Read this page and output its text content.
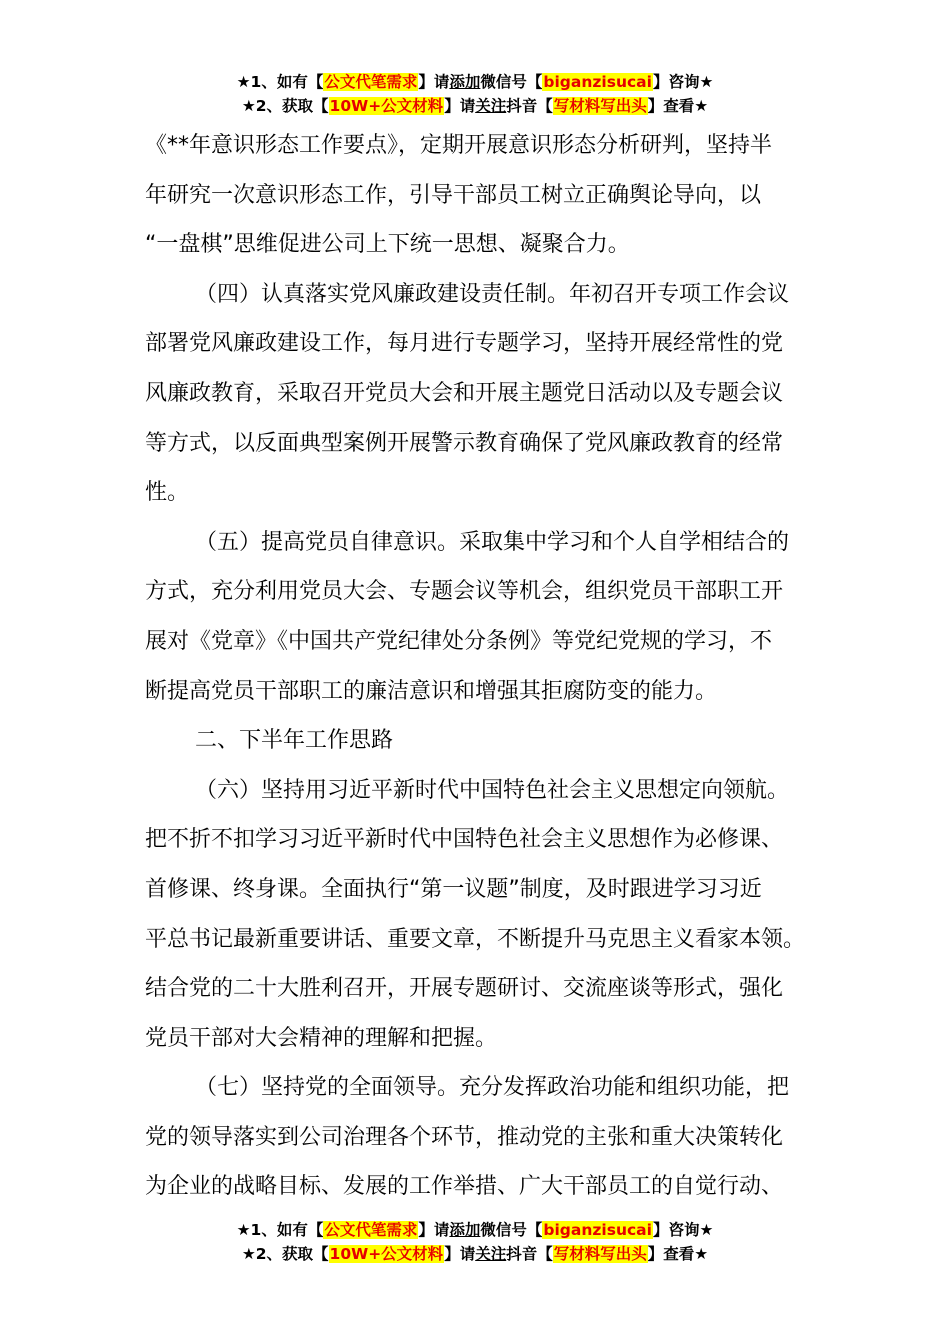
★1、如有【公文代笔需求】请添加微信号【biganzisucai】咨询★
★2、获取【10W+公文材料】请关注抖音【写材料写出头】查看★

《**年意识形态工作要点》，定期开展意识形态分析研判，坚持半

年研究一次意识形态工作，引导干部员工树立正确舆论导向，以

“一盘棋”思维促进公司上下统一思想、凝聚合力。

（四）认真落实党风廉政建设责任制。年初召开专项工作会议

部署党风廉政建设工作，每月进行专题学习，坚持开展经常性的党

风廉政教育，采取召开党员大会和开展主题党日活动以及专题会议

等方式，以反面典型案例开展警示教育确保了党风廉政教育的经常

性。

（五）提高党员自律意识。采取集中学习和个人自学相结合的

方式，充分利用党员大会、专题会议等机会，组织党员干部职工开

展对《党章》《中国共产党纪律处分条例》等党纪党规的学习，不

断提高党员干部职工的廉洁意识和增强其拒腐防变的能力。

二、下半年工作思路

（六）坚持用习近平新时代中国特色社会主义思想定向领航。

把不折不扣学习习近平新时代中国特色社会主义思想作为必修课、

首修课、终身课。全面执行“第一议题”制度，及时跟进学习习近

平总书记最新重要讲话、重要文章，不断提升马克思主义看家本领。

结合党的二十大胜利召开，开展专题研讨、交流座谈等形式，强化

党员干部对大会精神的理解和把握。

（七）坚持党的全面领导。充分发挥政治功能和组织功能，把

党的领导落实到公司治理各个环节，推动党的主张和重大决策转化

为企业的战略目标、发展的工作举措、广大干部员工的自觉行动、

★1、如有【公文代笔需求】请添加微信号【biganzisucai】咨询★
★2、获取【10W+公文材料】请关注抖音【写材料写出头】查看★
